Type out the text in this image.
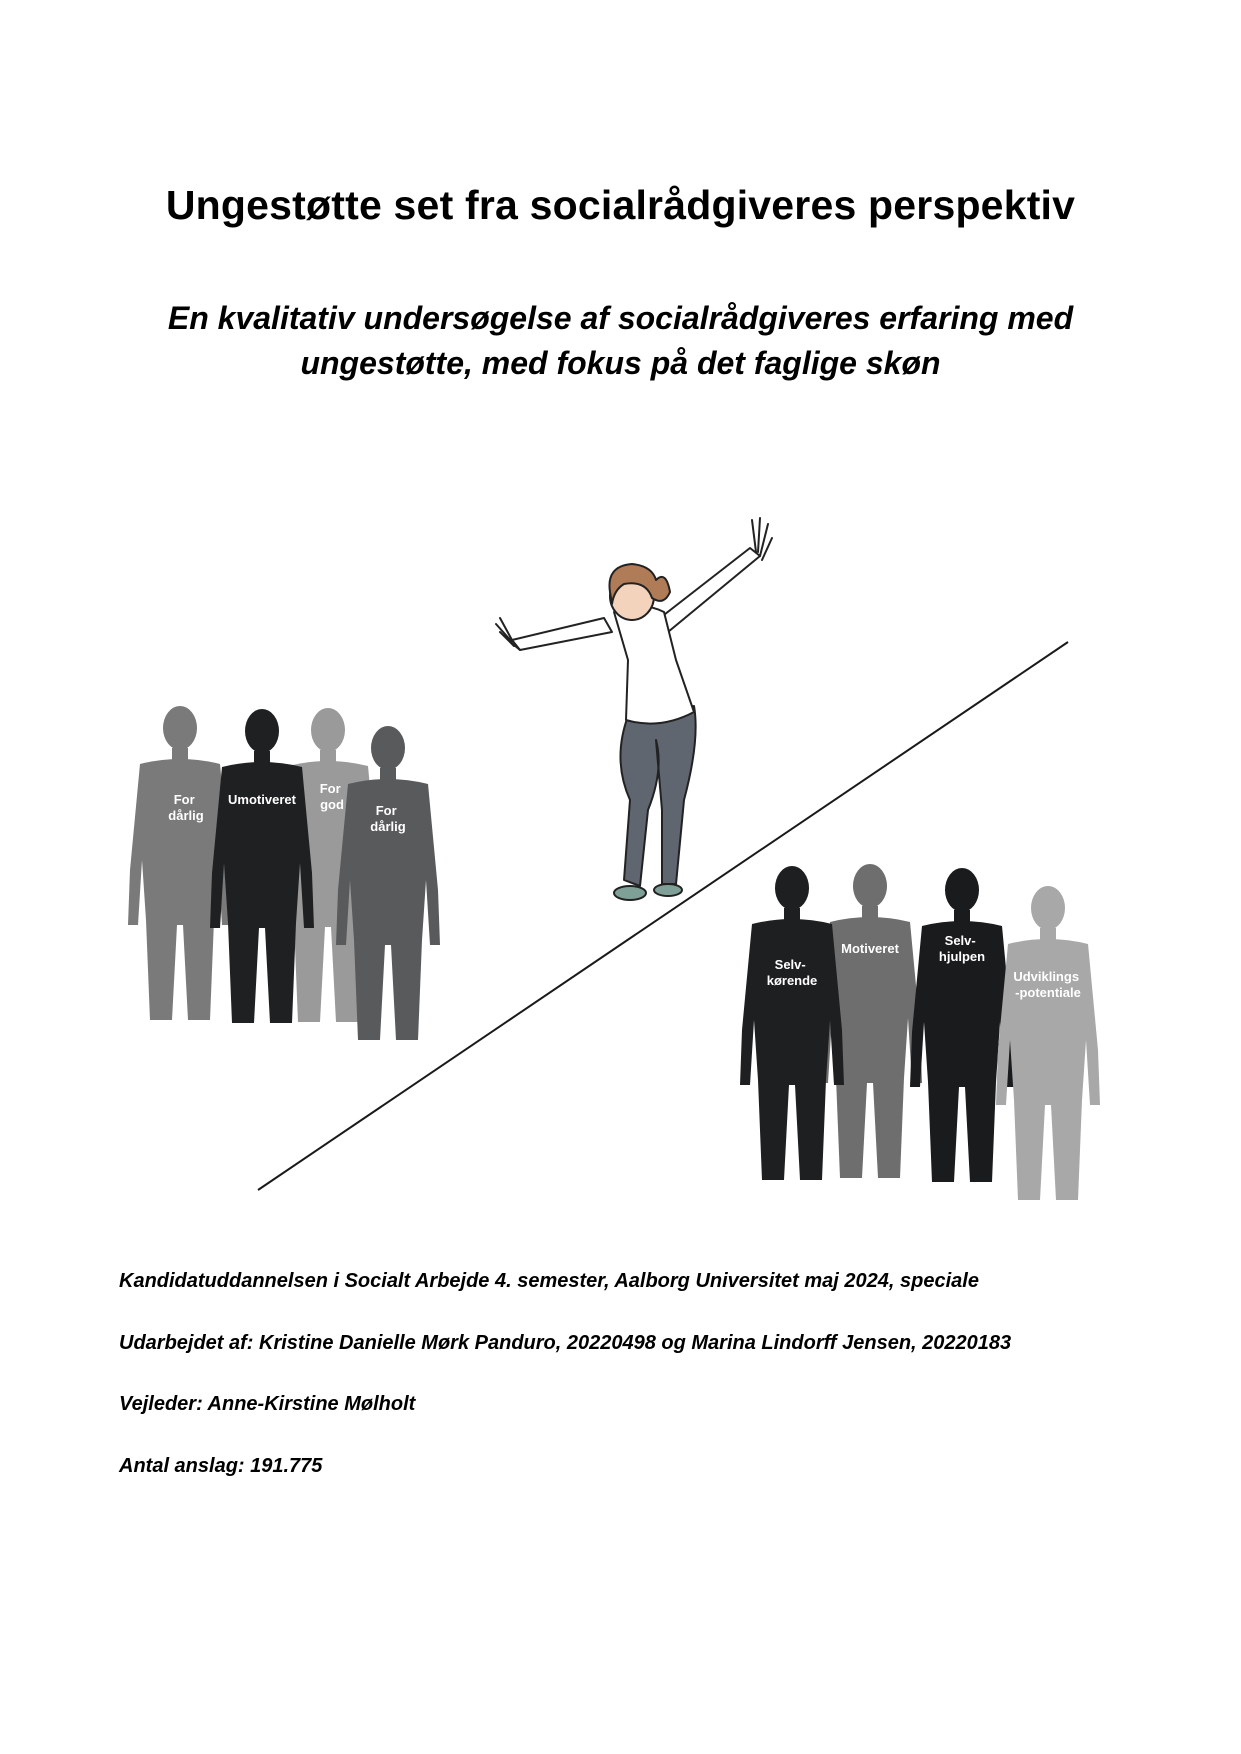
Ungestøtte set fra socialrådgiveres perspektiv
En kvalitativ undersøgelse af socialrådgiveres erfaring med
ungestøtte, med fokus på det faglige skøn
For dårlig
For god
Umotiveret
For dårlig
Motiveret
Selv- kørende
Selv- hjulpen
Udviklings -potentiale
Kandidatuddannelsen i Socialt Arbejde 4. semester, Aalborg Universitet maj 2024, speciale
Udarbejdet af: Kristine Danielle Mørk Panduro, 20220498 og Marina Lindorff Jensen, 20220183
Vejleder: Anne-Kirstine Mølholt
Antal anslag: 191.775
